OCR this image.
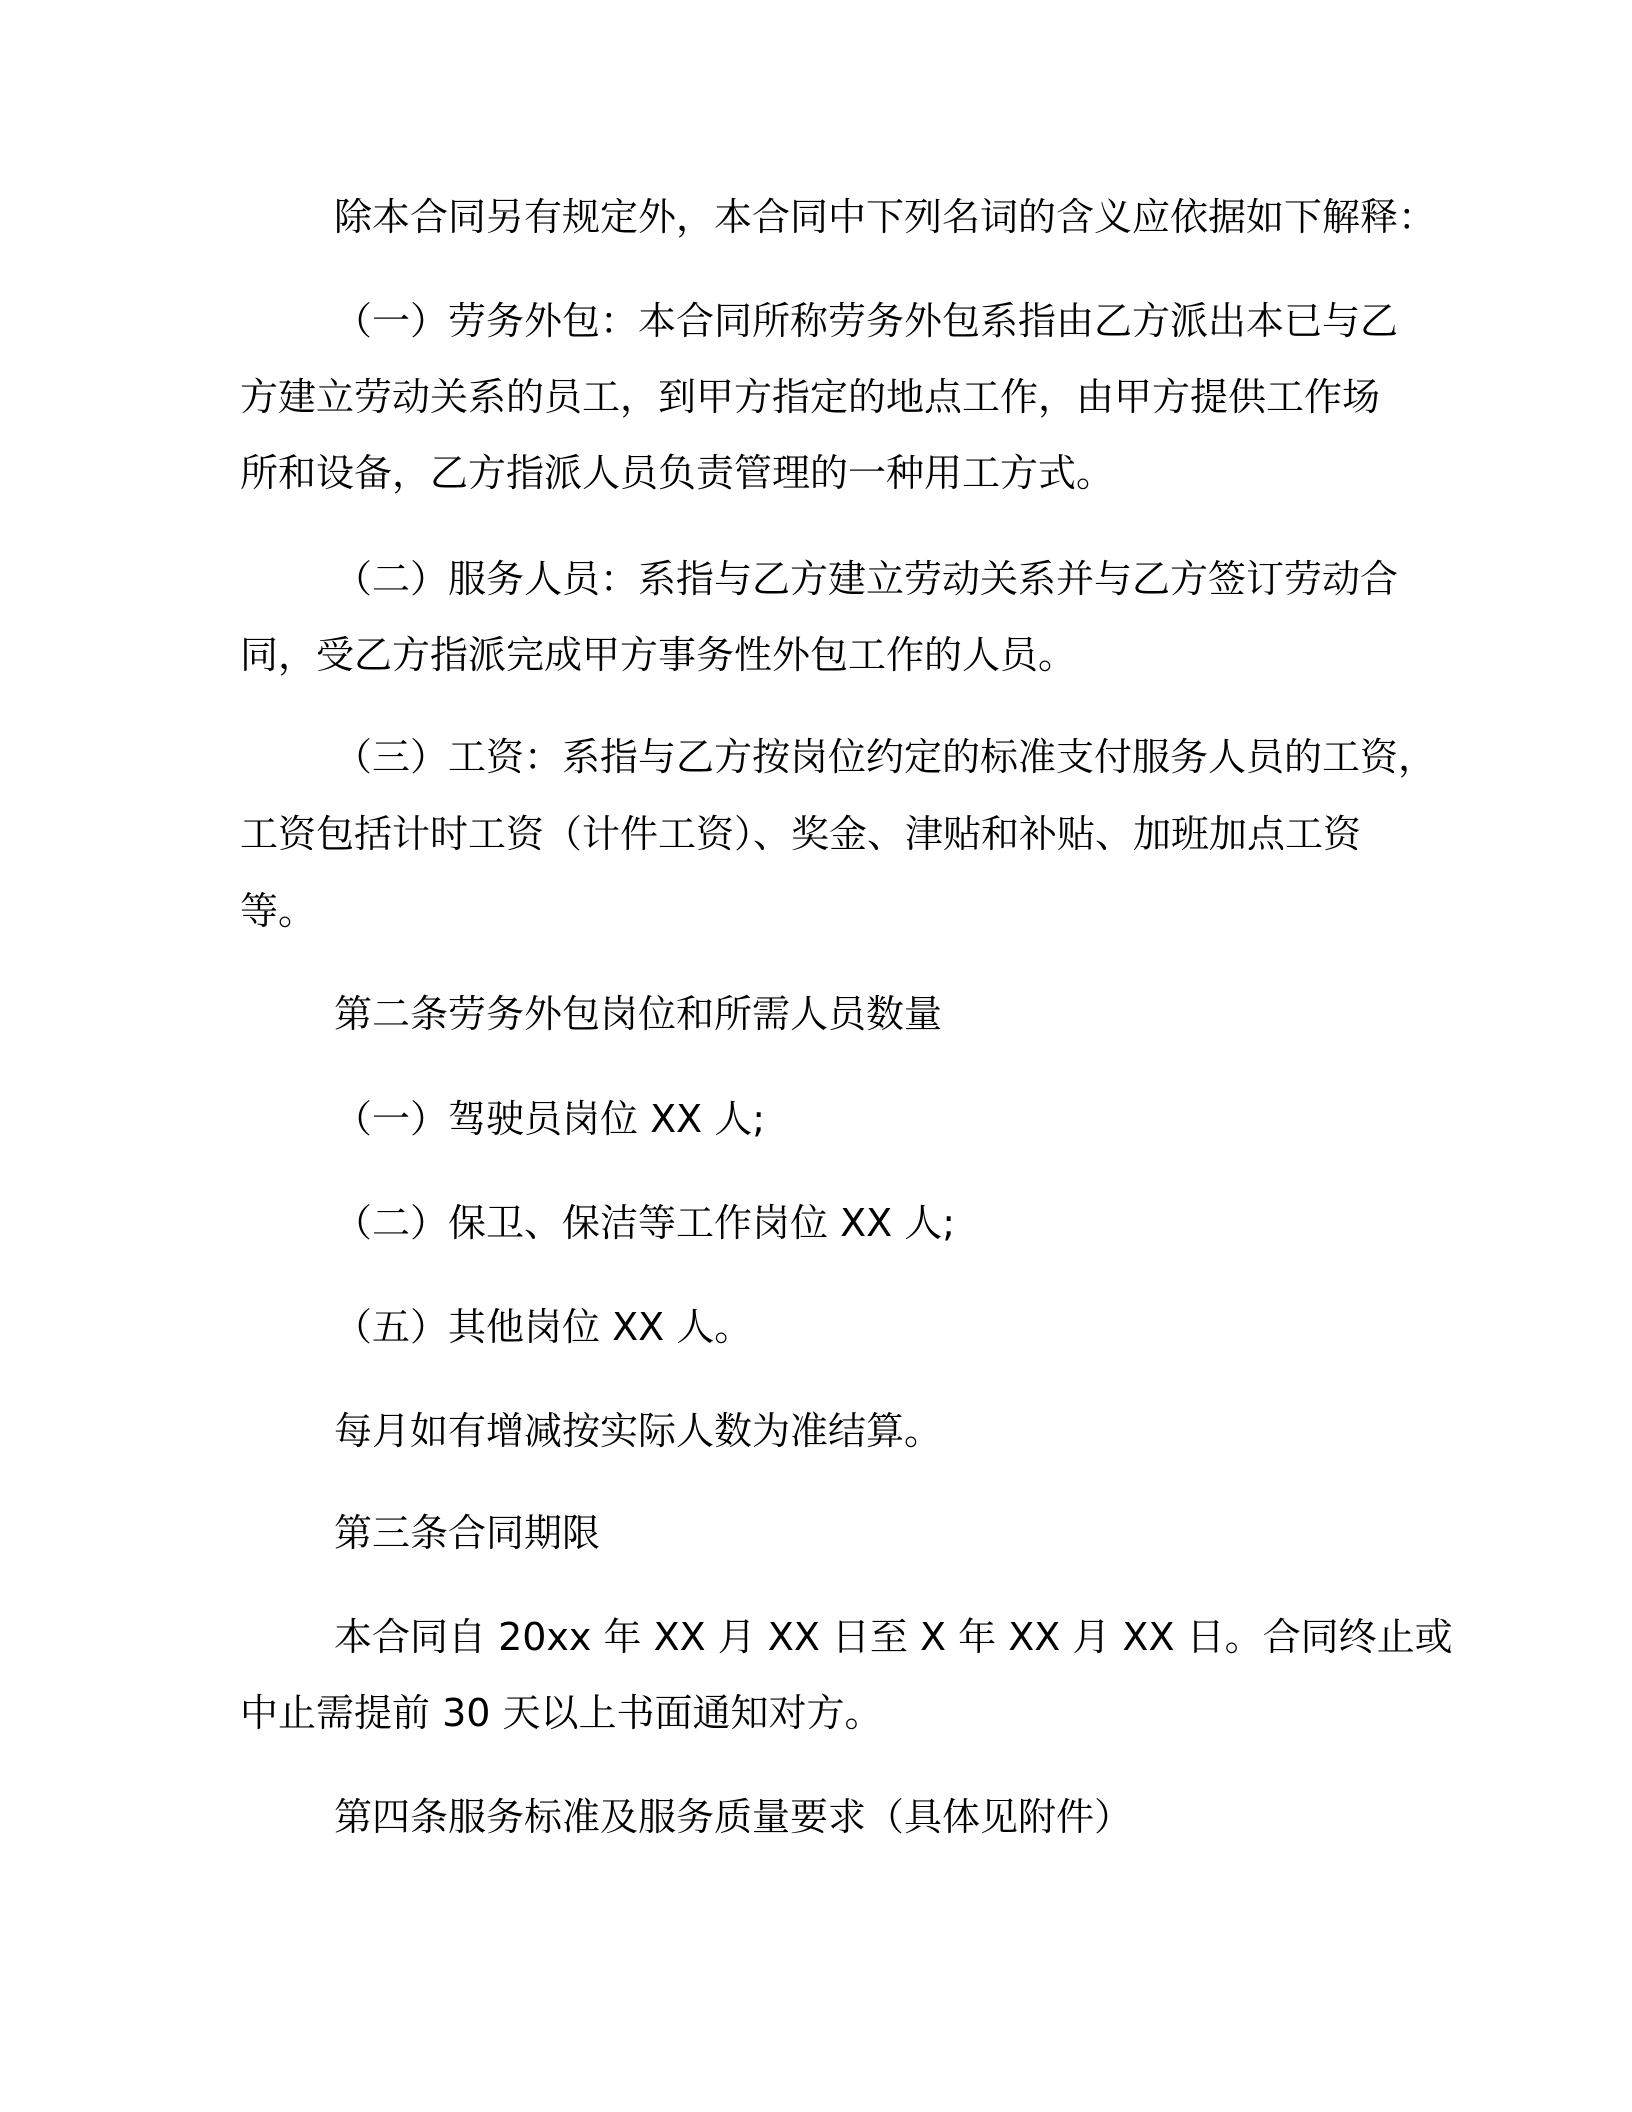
除本合同另有规定外，本合同中下列名词的含义应依据如下解释：

（一）劳务外包：本合同所称劳务外包系指由乙方派出本已与乙

方建立劳动关系的员工，到甲方指定的地点工作，由甲方提供工作场

所和设备，乙方指派人员负责管理的一种用工方式。

（二）服务人员：系指与乙方建立劳动关系并与乙方签订劳动合

同，受乙方指派完成甲方事务性外包工作的人员。

（三）工资：系指与乙方按岗位约定的标准支付服务人员的工资，

工资包括计时工资（计件工资）、奖金、津贴和补贴、加班加点工资

等。

第二条劳务外包岗位和所需人员数量

（一）驾驶员岗位 XX 人;

（二）保卫、保洁等工作岗位 XX 人;

（五）其他岗位 XX 人。

每月如有增减按实际人数为准结算。

第三条合同期限

本合同自 20xx 年 XX 月 XX 日至 X 年 XX 月 XX 日。合同终止或

中止需提前 30 天以上书面通知对方。

第四条服务标准及服务质量要求（具体见附件）
